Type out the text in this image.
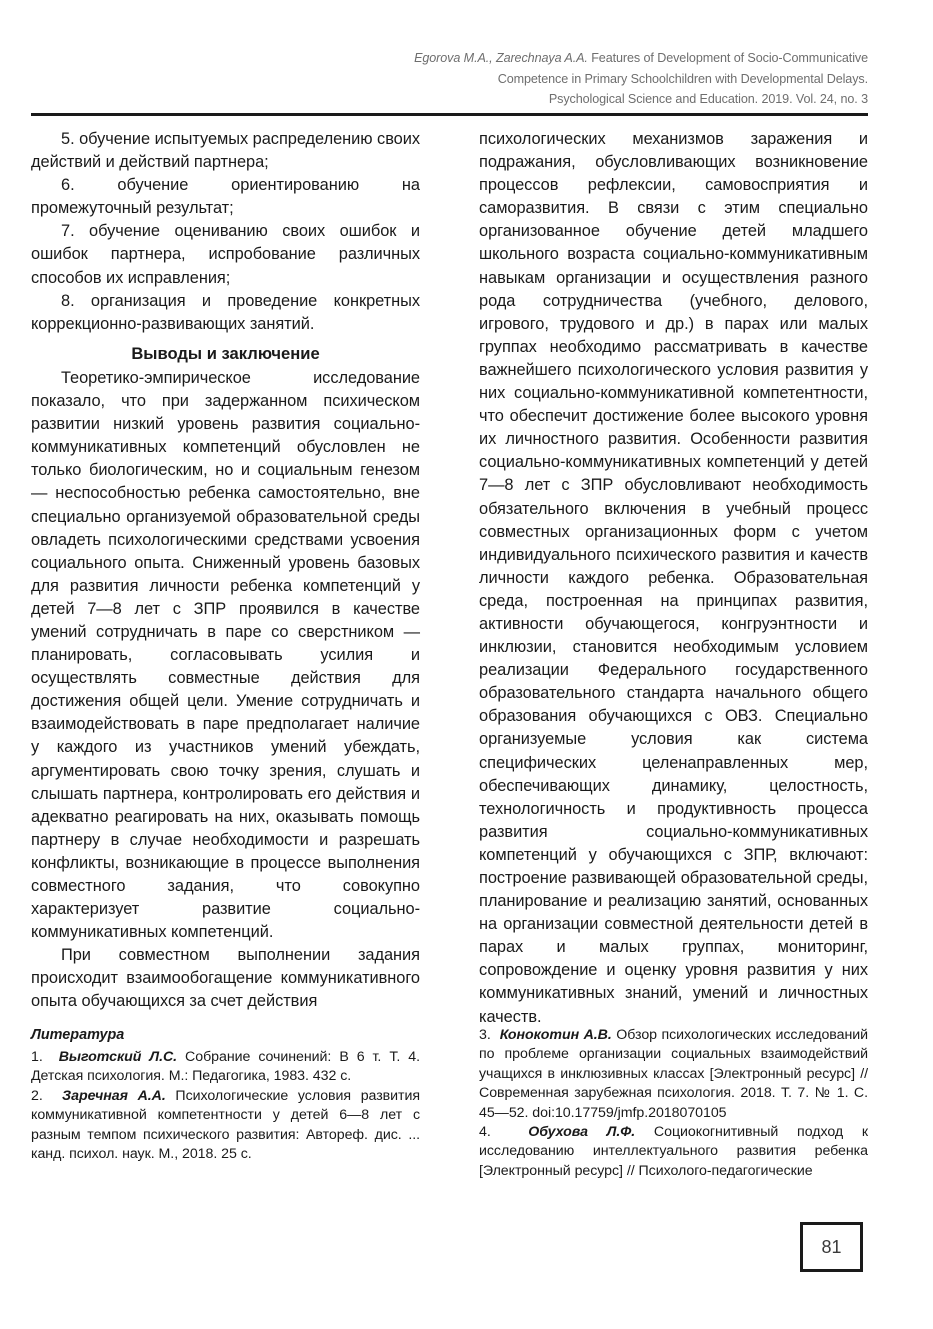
Egorova M.A., Zarechnaya A.A. Features of Development of Socio-Communicative
Competence in Primary Schoolchildren with Developmental Delays.
Psychological Science and Education. 2019. Vol. 24, no. 3

5. обучение испытуемых распределению своих действий и действий партнера;

6. обучение ориентированию на промежуточный результат;

7. обучение оцениванию своих ошибок и ошибок партнера, испробование различных способов их исправления;

8. организация и проведение конкретных коррекционно-развивающих занятий.

Выводы и заключение

Теоретико-эмпирическое исследование показало, что при задержанном психическом развитии низкий уровень развития социально-коммуникативных компетенций обусловлен не только биологическим, но и социальным генезом — неспособностью ребенка самостоятельно, вне специально организуемой образовательной среды овладеть психологическими средствами усвоения социального опыта. Сниженный уровень базовых для развития личности ребенка компетенций у детей 7—8 лет с ЗПР проявился в качестве умений сотрудничать в паре со сверстником — планировать, согласовывать усилия и осуществлять совместные действия для достижения общей цели. Умение сотрудничать и взаимодействовать в паре предполагает наличие у каждого из участников умений убеждать, аргументировать свою точку зрения, слушать и слышать партнера, контролировать его действия и адекватно реагировать на них, оказывать помощь партнеру в случае необходимости и разрешать конфликты, возникающие в процессе выполнения совместного задания, что совокупно характеризует развитие социально-коммуникативных компетенций.

При совместном выполнении задания происходит взаимообогащение коммуникативного опыта обучающихся за счет действия

психологических механизмов заражения и подражания, обусловливающих возникновение процессов рефлексии, самовосприятия и саморазвития. В связи с этим специально организованное обучение детей младшего школьного возраста социально-коммуникативным навыкам организации и осуществления разного рода сотрудничества (учебного, делового, игрового, трудового и др.) в парах или малых группах необходимо рассматривать в качестве важнейшего психологического условия развития у них социально-коммуникативной компетентности, что обеспечит достижение более высокого уровня их личностного развития. Особенности развития социально-коммуникативных компетенций у детей 7—8 лет с ЗПР обусловливают необходимость обязательного включения в учебный процесс совместных организационных форм с учетом индивидуального психического развития и качеств личности каждого ребенка. Образовательная среда, построенная на принципах развития, активности обучающегося, конгруэнтности и инклюзии, становится необходимым условием реализации Федерального государственного образовательного стандарта начального общего образования обучающихся с ОВЗ. Специально организуемые условия как система специфических целенаправленных мер, обеспечивающих динамику, целостность, технологичность и продуктивность процесса развития социально-коммуникативных компетенций у обучающихся с ЗПР, включают: построение развивающей образовательной среды, планирование и реализацию занятий, основанных на организации совместной деятельности детей в парах и малых группах, мониторинг, сопровождение и оценку уровня развития у них коммуникативных знаний, умений и личностных качеств.

Литература

1. Выготский Л.С. Собрание сочинений: В 6 т. Т. 4. Детская психология. М.: Педагогика, 1983. 432 с.

2. Заречная А.А. Психологические условия развития коммуникативной компетентности у детей 6—8 лет с разным темпом психического развития: Автореф. дис. ... канд. психол. наук. М., 2018. 25 с.

3. Конокотин А.В. Обзор психологических исследований по проблеме организации социальных взаимодействий учащихся в инклюзивных классах [Электронный ресурс] // Современная зарубежная психология. 2018. Т. 7. № 1. С. 45—52. doi:10.17759/jmfp.2018070105

4.	Обухова Л.Ф. Социокогнитивный подход к исследованию интеллектуального развития ребенка [Электронный ресурс] // Психолого-педагогические

81
